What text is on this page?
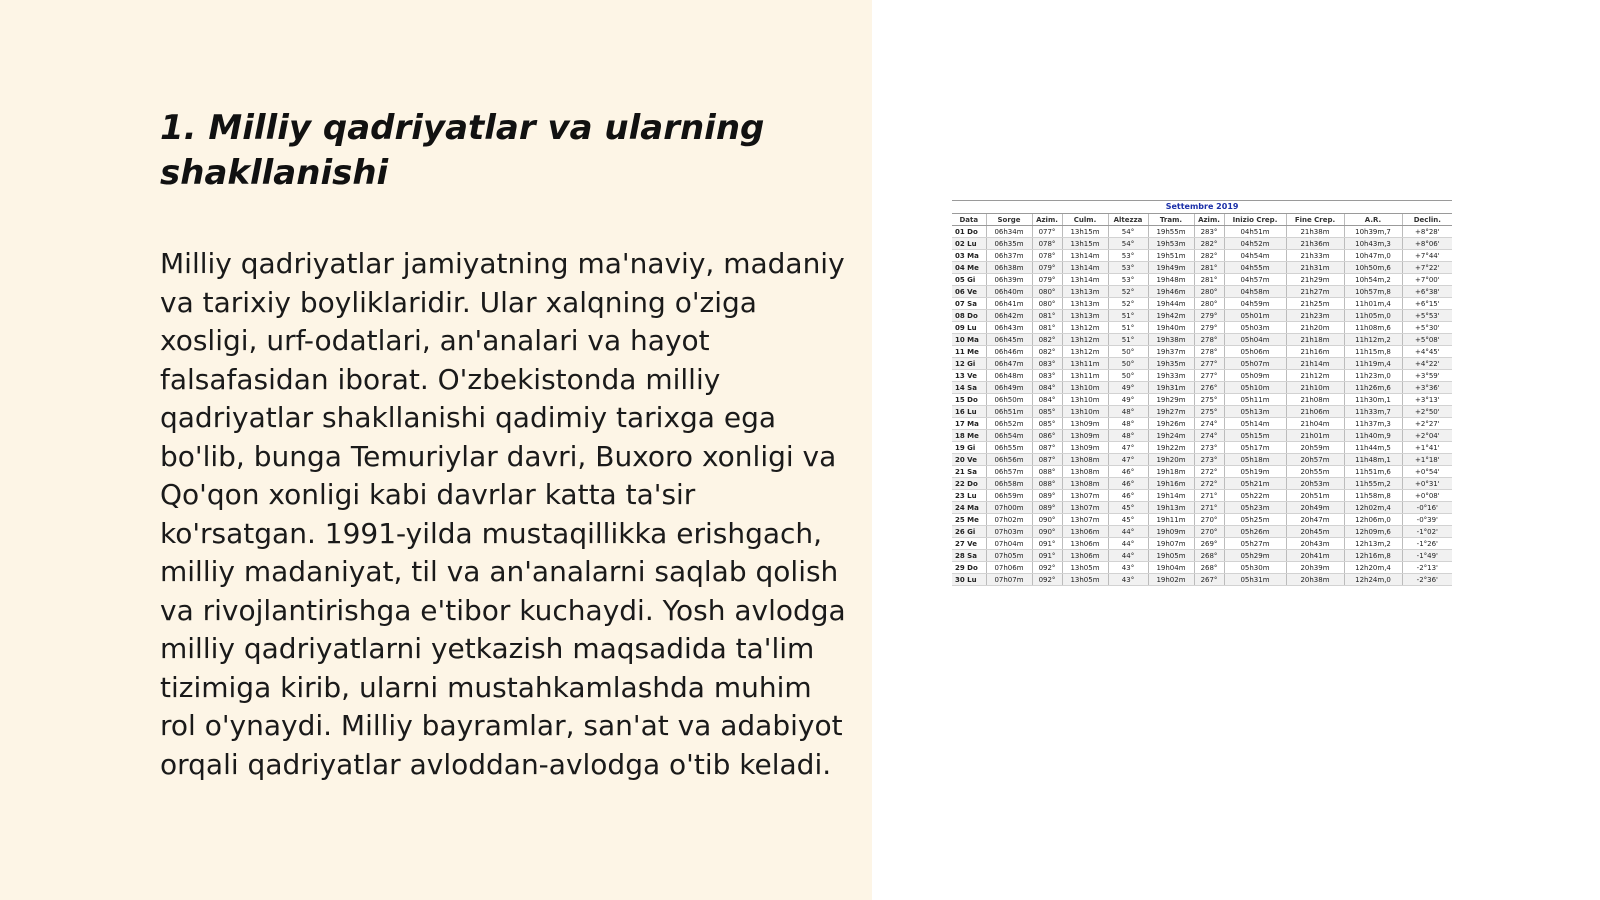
1. Milliy qadriyatlar va ularning shakllanishi

Milliy qadriyatlar jamiyatning ma'naviy, madaniy va tarixiy boyliklaridir. Ular xalqning o'ziga xosligi, urf-odatlari, an'analari va hayot falsafasidan iborat. O'zbekistonda milliy qadriyatlar shakllanishi qadimiy tarixga ega bo'lib, bunga Temuriylar davri, Buxoro xonligi va Qo'qon xonligi kabi davrlar katta ta'sir ko'rsatgan. 1991-yilda mustaqillikka erishgach, milliy madaniyat, til va an'analarni saqlab qolish va rivojlantirishga e'tibor kuchaydi. Yosh avlodga milliy qadriyatlarni yetkazish maqsadida ta'lim tizimiga kirib, ularni mustahkamlashda muhim rol o'ynaydi. Milliy bayramlar, san'at va adabiyot orqali qadriyatlar avloddan-avlodga o'tib keladi.

Settembre 2019										
Data	Sorge	Azim.	Culm.	Altezza	Tram.	Azim.	Inizio Crep.	Fine Crep.	A.R.	Declin.
01 Do	06h34m	077°	13h15m	54°	19h55m	283°	04h51m	21h38m	10h39m,7	+8°28'
02 Lu	06h35m	078°	13h15m	54°	19h53m	282°	04h52m	21h36m	10h43m,3	+8°06'
03 Ma	06h37m	078°	13h14m	53°	19h51m	282°	04h54m	21h33m	10h47m,0	+7°44'
04 Me	06h38m	079°	13h14m	53°	19h49m	281°	04h55m	21h31m	10h50m,6	+7°22'
05 Gi	06h39m	079°	13h14m	53°	19h48m	281°	04h57m	21h29m	10h54m,2	+7°00'
06 Ve	06h40m	080°	13h13m	52°	19h46m	280°	04h58m	21h27m	10h57m,8	+6°38'
07 Sa	06h41m	080°	13h13m	52°	19h44m	280°	04h59m	21h25m	11h01m,4	+6°15'
08 Do	06h42m	081°	13h13m	51°	19h42m	279°	05h01m	21h23m	11h05m,0	+5°53'
09 Lu	06h43m	081°	13h12m	51°	19h40m	279°	05h03m	21h20m	11h08m,6	+5°30'
10 Ma	06h45m	082°	13h12m	51°	19h38m	278°	05h04m	21h18m	11h12m,2	+5°08'
11 Me	06h46m	082°	13h12m	50°	19h37m	278°	05h06m	21h16m	11h15m,8	+4°45'
12 Gi	06h47m	083°	13h11m	50°	19h35m	277°	05h07m	21h14m	11h19m,4	+4°22'
13 Ve	06h48m	083°	13h11m	50°	19h33m	277°	05h09m	21h12m	11h23m,0	+3°59'
14 Sa	06h49m	084°	13h10m	49°	19h31m	276°	05h10m	21h10m	11h26m,6	+3°36'
15 Do	06h50m	084°	13h10m	49°	19h29m	275°	05h11m	21h08m	11h30m,1	+3°13'
16 Lu	06h51m	085°	13h10m	48°	19h27m	275°	05h13m	21h06m	11h33m,7	+2°50'
17 Ma	06h52m	085°	13h09m	48°	19h26m	274°	05h14m	21h04m	11h37m,3	+2°27'
18 Me	06h54m	086°	13h09m	48°	19h24m	274°	05h15m	21h01m	11h40m,9	+2°04'
19 Gi	06h55m	087°	13h09m	47°	19h22m	273°	05h17m	20h59m	11h44m,5	+1°41'
20 Ve	06h56m	087°	13h08m	47°	19h20m	273°	05h18m	20h57m	11h48m,1	+1°18'
21 Sa	06h57m	088°	13h08m	46°	19h18m	272°	05h19m	20h55m	11h51m,6	+0°54'
22 Do	06h58m	088°	13h08m	46°	19h16m	272°	05h21m	20h53m	11h55m,2	+0°31'
23 Lu	06h59m	089°	13h07m	46°	19h14m	271°	05h22m	20h51m	11h58m,8	+0°08'
24 Ma	07h00m	089°	13h07m	45°	19h13m	271°	05h23m	20h49m	12h02m,4	-0°16'
25 Me	07h02m	090°	13h07m	45°	19h11m	270°	05h25m	20h47m	12h06m,0	-0°39'
26 Gi	07h03m	090°	13h06m	44°	19h09m	270°	05h26m	20h45m	12h09m,6	-1°02'
27 Ve	07h04m	091°	13h06m	44°	19h07m	269°	05h27m	20h43m	12h13m,2	-1°26'
28 Sa	07h05m	091°	13h06m	44°	19h05m	268°	05h29m	20h41m	12h16m,8	-1°49'
29 Do	07h06m	092°	13h05m	43°	19h04m	268°	05h30m	20h39m	12h20m,4	-2°13'
30 Lu	07h07m	092°	13h05m	43°	19h02m	267°	05h31m	20h38m	12h24m,0	-2°36'
